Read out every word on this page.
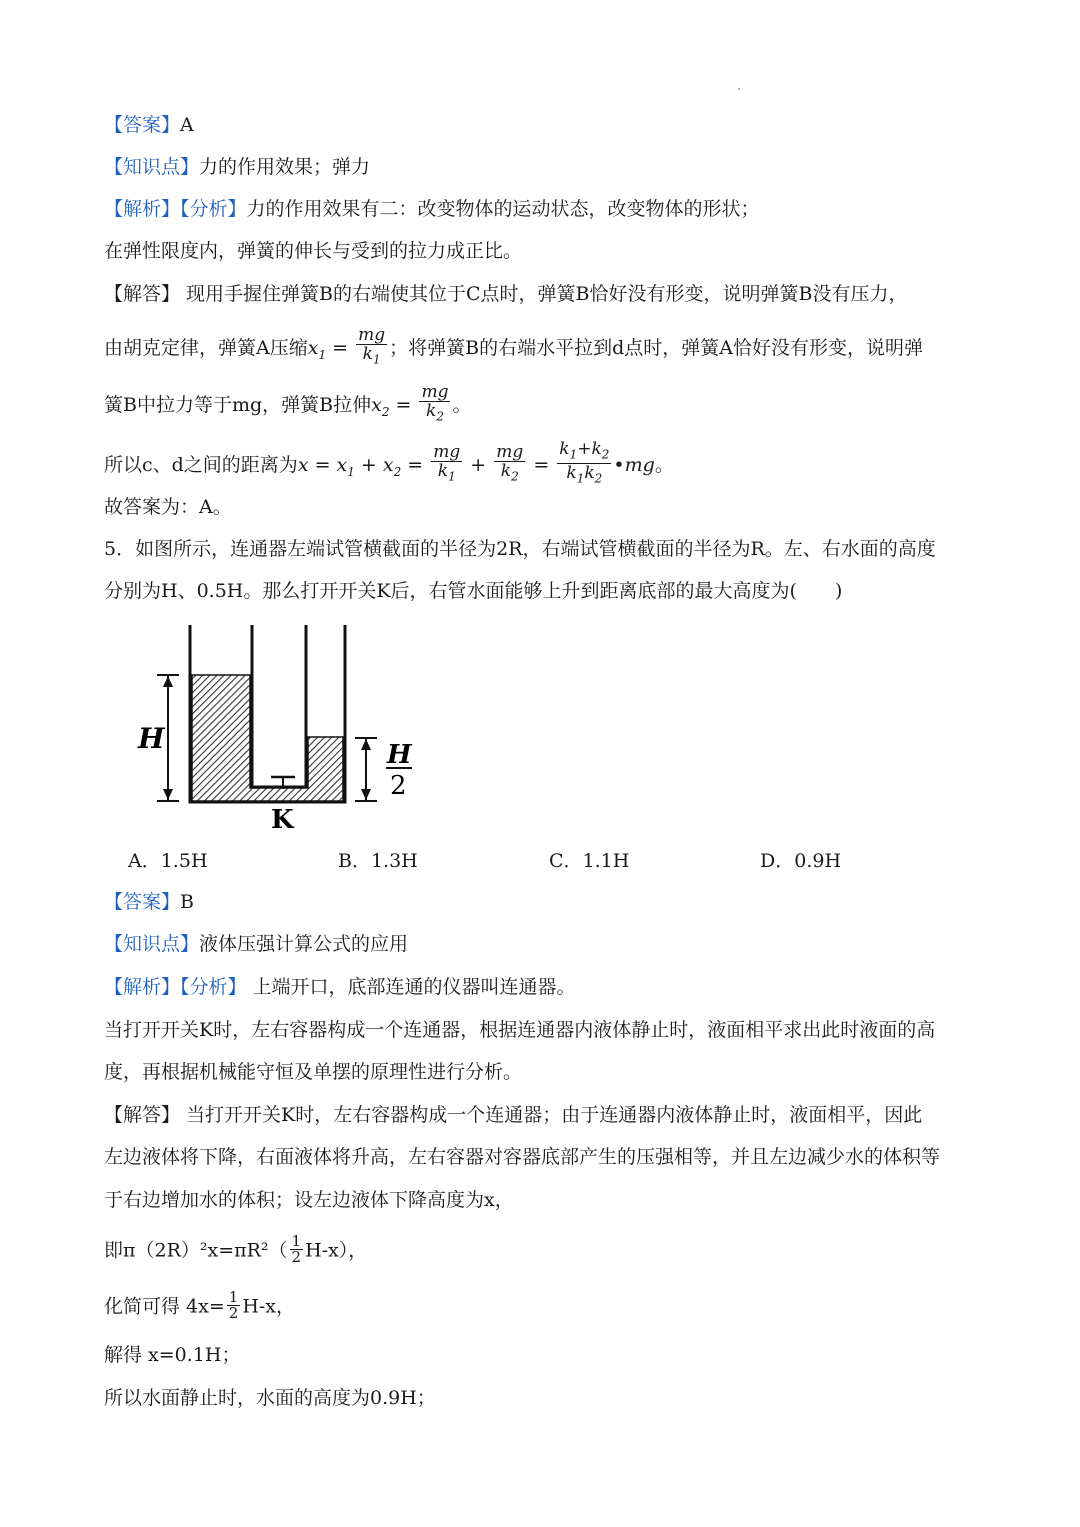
【答案】A
【知识点】力的作用效果；弹力
【解析】【分析】力的作用效果有二：改变物体的运动状态，改变物体的形状；
在弹性限度内，弹簧的伸长与受到的拉力成正比。
【解答】 现用手握住弹簧B的右端使其位于C点时，弹簧B恰好没有形变，说明弹簧B没有压力，
由胡克定律，弹簧A压缩$x_1 = \frac{mg}{k_1}$ ；将弹簧B的右端水平拉到d点时，弹簧A恰好没有形变，说明弹
簧B中拉力等于mg，弹簧B拉伸$x_2 = \frac{mg}{k_2}$ 。
所以c、d之间的距离为$x = x_1 + x_2 = \frac{mg}{k_1} + \frac{mg}{k_2} = \frac{k_1+k_2}{k_1k_2}$ •mg。
故答案为：A。
5．如图所示，连通器左端试管横截面的半径为2R，右端试管横截面的半径为R。左、右水面的高度
分别为H、0.5H。那么打开开关K后，右管水面能够上升到距离底部的最大高度为(　　)
H	H
2
K
A．1.5H	B．1.3H	C．1.1H	D．0.9H
【答案】B
【知识点】液体压强计算公式的应用
【解析】【分析】 上端开口，底部连通的仪器叫连通器。
当打开开关K时，左右容器构成一个连通器，根据连通器内液体静止时，液面相平求出此时液面的高
度，再根据机械能守恒及单摆的原理性进行分析。
【解答】 当打开开关K时，左右容器构成一个连通器；由于连通器内液体静止时，液面相平，因此
左边液体将下降，右面液体将升高，左右容器对容器底部产生的压强相等，并且左边减少水的体积等
于右边增加水的体积；设左边液体下降高度为x，
即$\pi(2R)^2x=\pi R^2( \frac{1}{2} H-x)$，
化简可得 $4x= \frac{1}{2} H-x$，
解得 x=0.1H；
所以水面静止时，水面的高度为0.9H；
